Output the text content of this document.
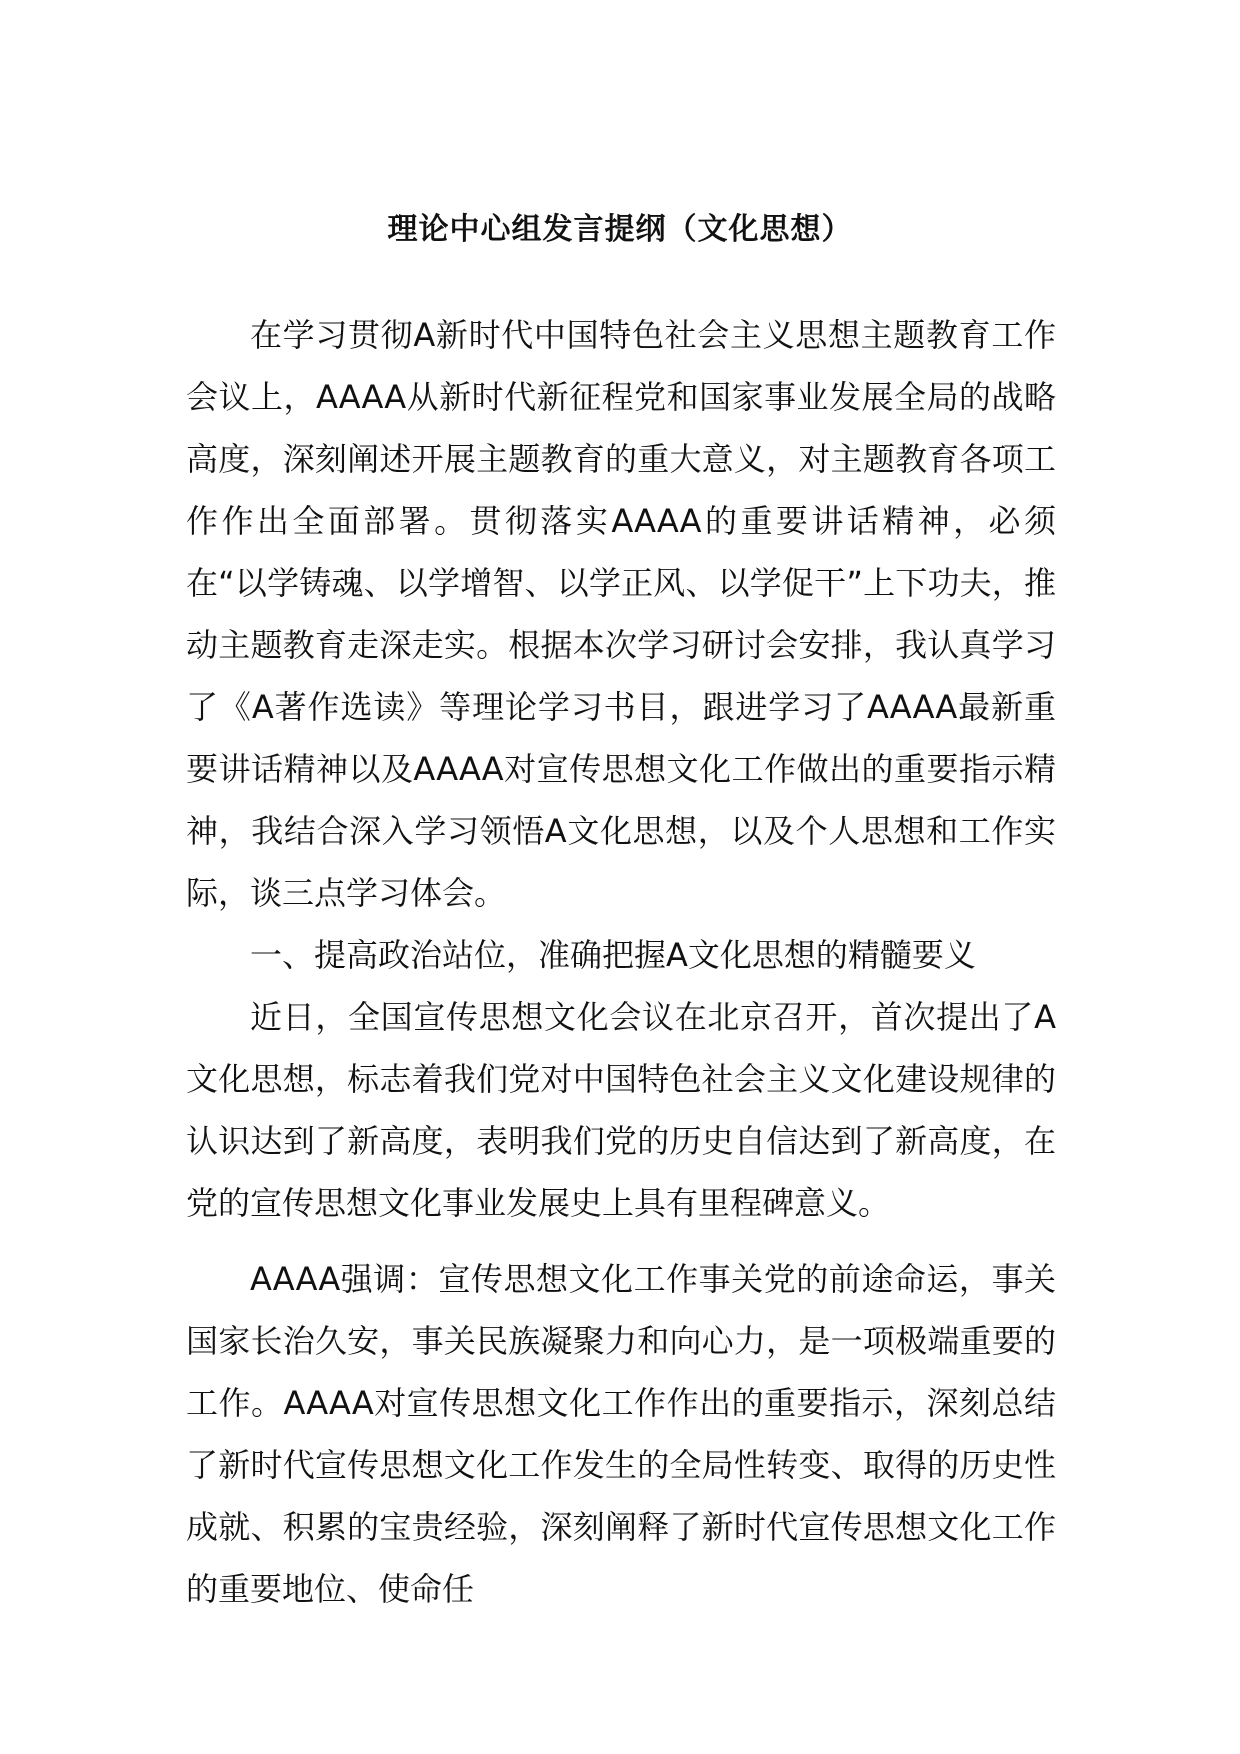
理论中心组发言提纲（文化思想）

在学习贯彻A新时代中国特色社会主义思想主题教育工作会议上，AAAA从新时代新征程党和国家事业发展全局的战略高度，深刻阐述开展主题教育的重大意义，对主题教育各项工作作出全面部署。贯彻落实AAAA的重要讲话精神，必须在“以学铸魂、以学增智、以学正风、以学促干”上下功夫，推动主题教育走深走实。根据本次学习研讨会安排，我认真学习了《A著作选读》等理论学习书目，跟进学习了AAAA最新重要讲话精神以及AAAA对宣传思想文化工作做出的重要指示精神，我结合深入学习领悟A文化思想，以及个人思想和工作实际，谈三点学习体会。

一、提高政治站位，准确把握A文化思想的精髓要义

近日，全国宣传思想文化会议在北京召开，首次提出了A文化思想，标志着我们党对中国特色社会主义文化建设规律的认识达到了新高度，表明我们党的历史自信达到了新高度，在党的宣传思想文化事业发展史上具有里程碑意义。

AAAA强调：宣传思想文化工作事关党的前途命运，事关国家长治久安，事关民族凝聚力和向心力，是一项极端重要的工作。AAAA对宣传思想文化工作作出的重要指示，深刻总结了新时代宣传思想文化工作发生的全局性转变、取得的历史性成就、积累的宝贵经验，深刻阐释了新时代宣传思想文化工作的重要地位、使命任
